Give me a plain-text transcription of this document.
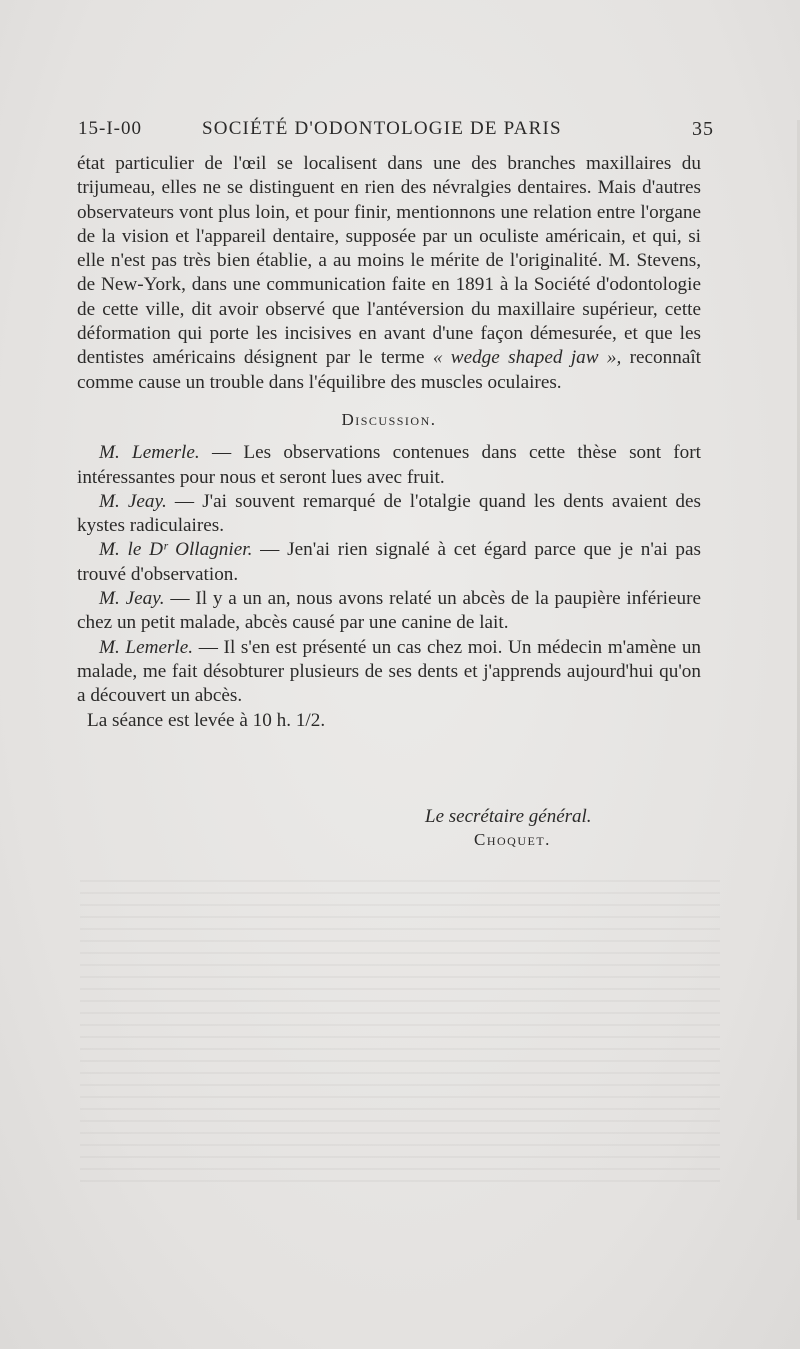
15-I-00	SOCIÉTÉ D'ODONTOLOGIE DE PARIS	35

état particulier de l'œil se localisent dans une des branches maxillaires du trijumeau, elles ne se distinguent en rien des névralgies dentaires. Mais d'autres observateurs vont plus loin, et pour finir, mentionnons une relation entre l'organe de la vision et l'appareil dentaire, supposée par un oculiste américain, et qui, si elle n'est pas très bien établie, a au moins le mérite de l'originalité. M. Stevens, de New-York, dans une communication faite en 1891 à la Société d'odontologie de cette ville, dit avoir observé que l'antéversion du maxillaire supérieur, cette déformation qui porte les incisives en avant d'une façon démesurée, et que les dentistes américains désignent par le terme « wedge shaped jaw », reconnaît comme cause un trouble dans l'équilibre des muscles oculaires.

Discussion.

M. Lemerle. — Les observations contenues dans cette thèse sont fort intéressantes pour nous et seront lues avec fruit.

M. Jeay. — J'ai souvent remarqué de l'otalgie quand les dents avaient des kystes radiculaires.

M. le Dʳ Ollagnier. — Jen'ai rien signalé à cet égard parce que je n'ai pas trouvé d'observation.

M. Jeay. — Il y a un an, nous avons relaté un abcès de la paupière inférieure chez un petit malade, abcès causé par une canine de lait.

M. Lemerle. — Il s'en est présenté un cas chez moi. Un médecin m'amène un malade, me fait désobturer plusieurs de ses dents et j'apprends aujourd'hui qu'on a découvert un abcès.

La séance est levée à 10 h. 1/2.

Le secrétaire général.
Choquet.
